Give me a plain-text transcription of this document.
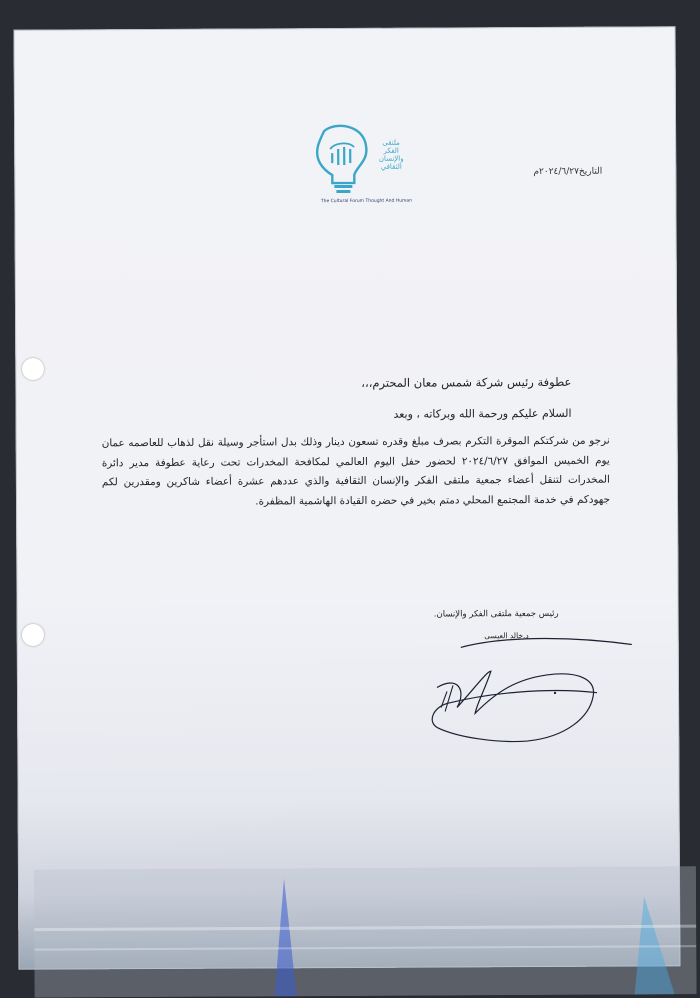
ملتقى
الفكر
والإنسان
الثقافي
The Cultural Forum Thought And Human
التاريخ٢٠٢٤/٦/٢٧م
عطوفة رئيس شركة شمس معان المحترم،،،
السلام عليكم ورحمة الله وبركاته ، وبعد
نرجو من شركتكم الموقرة التكرم بصرف مبلغ وقدره تسعون دينار وذلك بدل استأجر وسيلة نقل لذهاب للعاصمه عمان يوم الخميس الموافق ٢٠٢٤/٦/٢٧ لحضور حفل اليوم العالمي لمكافحة المخدرات تحت رعاية عطوفة مدير دائرة المخدرات لتنقل أعضاء جمعية ملتقى الفكر والإنسان الثقافية والذي عددهم عشرة أعضاء شاكرين ومقدرين لكم جهودكم في خدمة المجتمع المحلي دمتم بخير في حضره القيادة الهاشمية المظفرة.
رئيس جمعية ملتقى الفكر والإنسان.
د.خالد العيسى
